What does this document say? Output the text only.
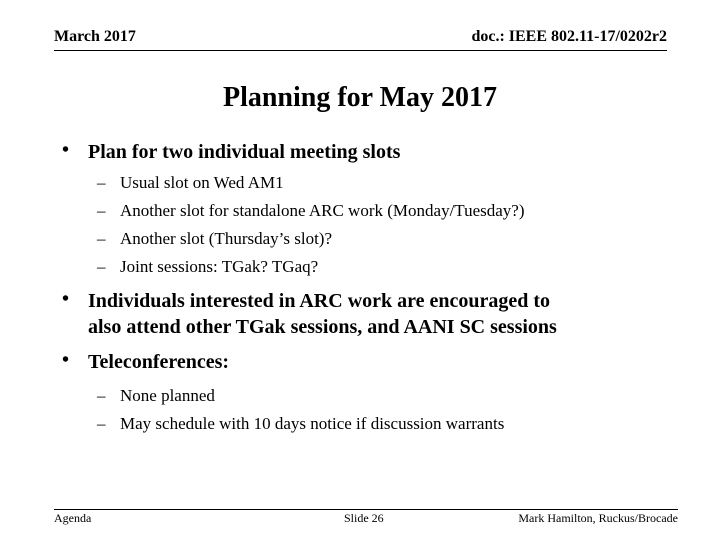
March 2017	doc.: IEEE 802.11-17/0202r2
Planning for May 2017
• Plan for two individual meeting slots
– Usual slot on Wed AM1
– Another slot for standalone ARC work (Monday/Tuesday?)
– Another slot (Thursday’s slot)?
– Joint sessions: TGak? TGaq?
• Individuals interested in ARC work are encouraged to
also attend other TGak sessions, and AANI SC sessions
• Teleconferences:
– None planned
– May schedule with 10 days notice if discussion warrants
Agenda	Slide 26	Mark Hamilton, Ruckus/Brocade
